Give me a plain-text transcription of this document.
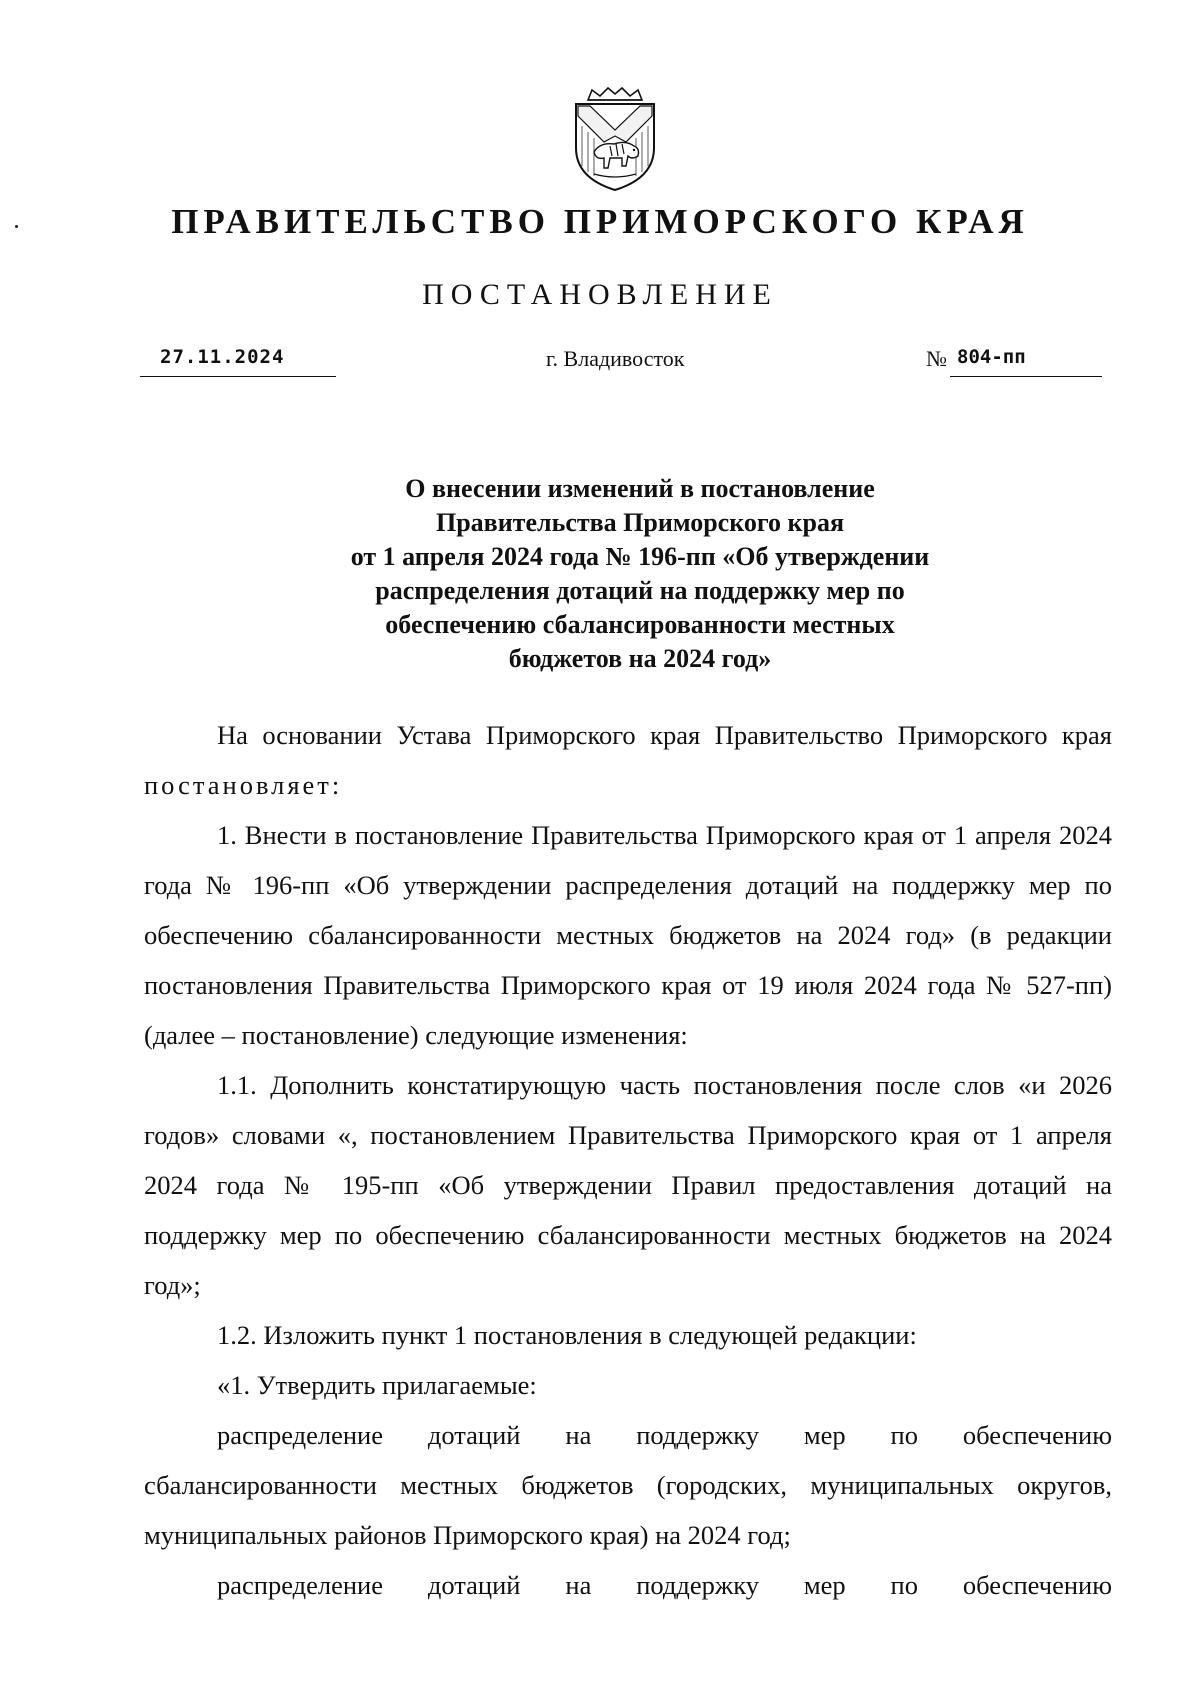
ПРАВИТЕЛЬСТВО ПРИМОРСКОГО КРАЯ
ПОСТАНОВЛЕНИЕ
27.11.2024	г. Владивосток	№ 804-пп
О внесении изменений в постановление
Правительства Приморского края
от 1 апреля 2024 года № 196-пп «Об утверждении
распределения дотаций на поддержку мер по
обеспечению сбалансированности местных
бюджетов на 2024 год»

На основании Устава Приморского края Правительство Приморского края постановляет:

1. Внести в постановление Правительства Приморского края от 1 апреля 2024 года № 196-пп «Об утверждении распределения дотаций на поддержку мер по обеспечению сбалансированности местных бюджетов на 2024 год» (в редакции постановления Правительства Приморского края от 19 июля 2024 года № 527-пп) (далее – постановление) следующие изменения:

1.1. Дополнить констатирующую часть постановления после слов «и 2026 годов» словами «, постановлением Правительства Приморского края от 1 апреля 2024 года № 195-пп «Об утверждении Правил предоставления дотаций на поддержку мер по обеспечению сбалансированности местных бюджетов на 2024 год»;

1.2. Изложить пункт 1 постановления в следующей редакции:

«1. Утвердить прилагаемые:

распределение дотаций на поддержку мер по обеспечению сбалансированности местных бюджетов (городских, муниципальных округов, муниципальных районов Приморского края) на 2024 год;

распределение дотаций на поддержку мер по обеспечению
